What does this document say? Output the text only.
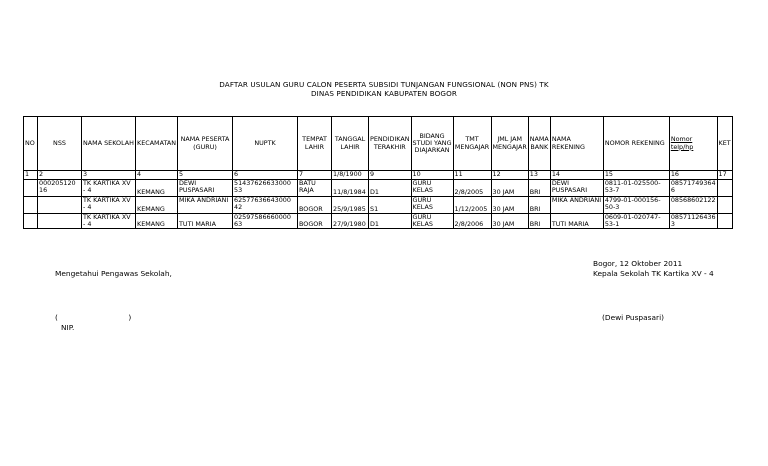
DAFTAR USULAN GURU CALON PESERTA SUBSIDI TUNJANGAN FUNGSIONAL (NON PNS) TK
DINAS PENDIDIKAN KABUPATEN BOGOR
NO	NSS	NAMA SEKOLAH	KECAMATAN	NAMA PESERTA (GURU)	NUPTK	TEMPAT LAHIR	TANGGAL LAHIR	PENDIDIKAN TERAKHIR	BIDANG STUDI YANG DIAJARKAN	TMT MENGAJAR	JML JAM MENGAJAR	NAMA BANK	NAMA REKENING	NOMOR REKENING	Nomor telp/hp	KET
1	2	3	4	5	6	7	1/8/1900	9	10	11	12	13	14	15	16	17
	000205120 16	TK KARTIKA XV - 4	KEMANG	DEWI PUSPASARI	51437626633000 53	BATU RAJA	11/8/1984	D1	GURU KELAS	2/8/2005	30 JAM	BRI	DEWI PUSPASARI	0811-01-025500-53-7	08571749364 6	
		TK KARTIKA XV - 4	KEMANG	MIKA ANDRIANI	62577636643000 42	BOGOR	25/9/1985	S1	GURU KELAS	1/12/2005	30 JAM	BRI	MIKA ANDRIANI	4799-01-000156-50-3	08568602122	
		TK KARTIKA XV - 4	KEMANG	TUTI MARIA	02597586660000 63	BOGOR	27/9/1980	D1	GURU KELAS	2/8/2006	30 JAM	BRI	TUTI MARIA	0609-01-020747-53-1	08571126436 3	
Bogor, 12 Oktober 2011
Kepala Sekolah TK Kartika XV - 4
Mengetahui Pengawas Sekolah,
(                              )
NIP.
(Dewi Puspasari)
